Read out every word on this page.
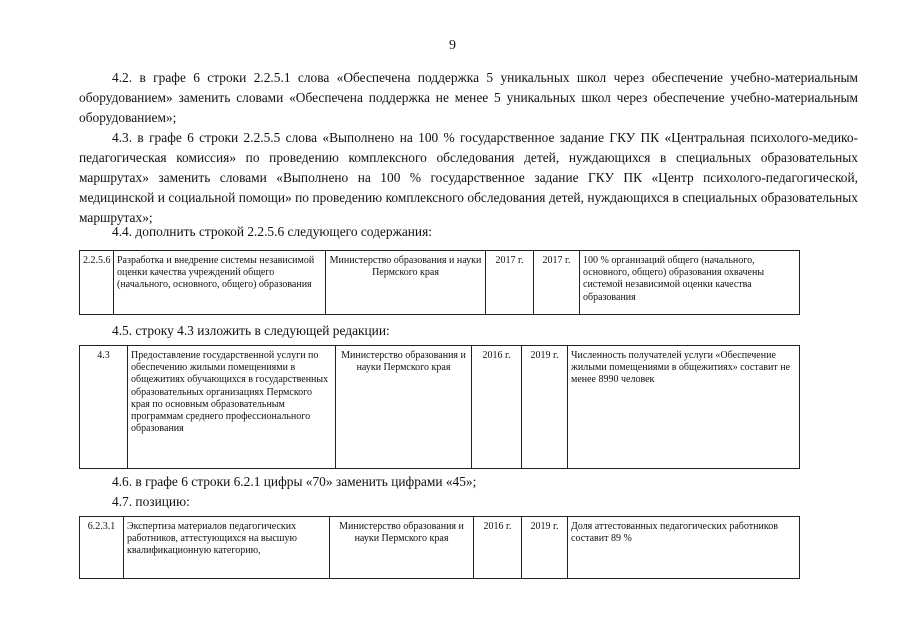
9

4.2. в графе 6 строки 2.2.5.1 слова «Обеспечена поддержка 5 уникальных школ через обеспечение учебно-материальным оборудованием» заменить словами «Обеспечена поддержка не менее 5 уникальных школ через обеспечение учебно-материальным оборудованием»;

4.3. в графе 6 строки 2.2.5.5 слова «Выполнено на 100 % государственное задание ГКУ ПК «Центральная психолого-медико-педагогическая комиссия» по проведению комплексного обследования детей, нуждающихся в специальных образовательных маршрутах» заменить словами «Выполнено на 100 % государственное задание ГКУ ПК «Центр психолого-педагогической, медицинской и социальной помощи» по проведению комплексного обследования детей, нуждающихся в специальных образовательных маршрутах»;

4.4. дополнить строкой 2.2.5.6 следующего содержания:

2.2.5.6	Разработка и внедрение системы независимой оценки качества учреждений общего (начального, основного, общего) образования	Министерство образования и науки Пермского края	2017 г.	2017 г.	100 % организаций общего (начального, основного, общего) образования охвачены системой независимой оценки качества образования

4.5. строку 4.3 изложить в следующей редакции:

4.3	Предоставление государственной услуги по обеспечению жилыми помещениями в общежитиях обучающихся в государственных образовательных организациях Пермского края по основным образовательным программам среднего профессионального образования	Министерство образования и науки Пермского края	2016 г.	2019 г.	Численность получателей услуги «Обеспечение жилыми помещениями в общежитиях» составит не менее 8990 человек

4.6. в графе 6 строки 6.2.1 цифры «70» заменить цифрами «45»;

4.7. позицию:

6.2.3.1	Экспертиза материалов педагогических работников, аттестующихся на высшую квалификационную категорию,	Министерство образования и науки Пермского края	2016 г.	2019 г.	Доля аттестованных педагогических работников составит 89 %
